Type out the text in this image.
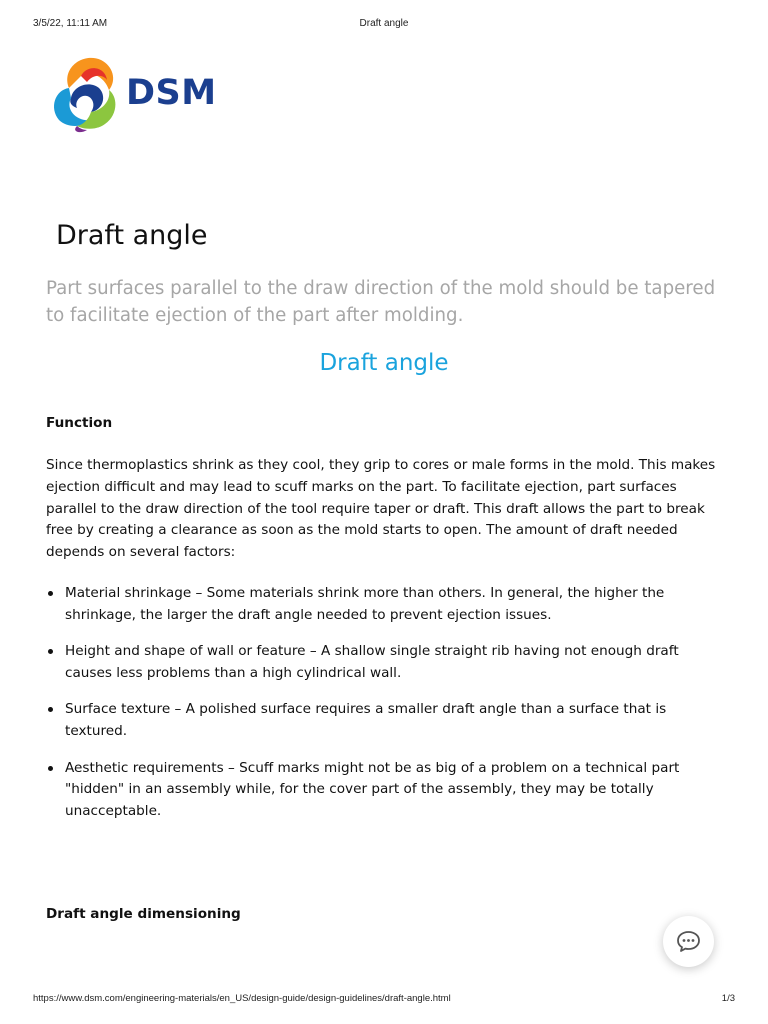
3/5/22, 11:11 AM	Draft angle
DSM
Draft angle

Part surfaces parallel to the draw direction of the mold should be tapered to facilitate ejection of the part after molding.

Draft angle
Function

Since thermoplastics shrink as they cool, they grip to cores or male forms in the mold. This makes ejection difficult and may lead to scuff marks on the part. To facilitate ejection, part surfaces parallel to the draw direction of the tool require taper or draft. This draft allows the part to break free by creating a clearance as soon as the mold starts to open. The amount of draft needed depends on several factors:

Material shrinkage – Some materials shrink more than others. In general, the higher the shrinkage, the larger the draft angle needed to prevent ejection issues.
Height and shape of wall or feature – A shallow single straight rib having not enough draft causes less problems than a high cylindrical wall.
Surface texture – A polished surface requires a smaller draft angle than a surface that is textured.
Aesthetic requirements – Scuff marks might not be as big of a problem on a technical part "hidden" in an assembly while, for the cover part of the assembly, they may be totally unacceptable.
Draft angle dimensioning
https://www.dsm.com/engineering-materials/en_US/design-guide/design-guidelines/draft-angle.html	1/3
